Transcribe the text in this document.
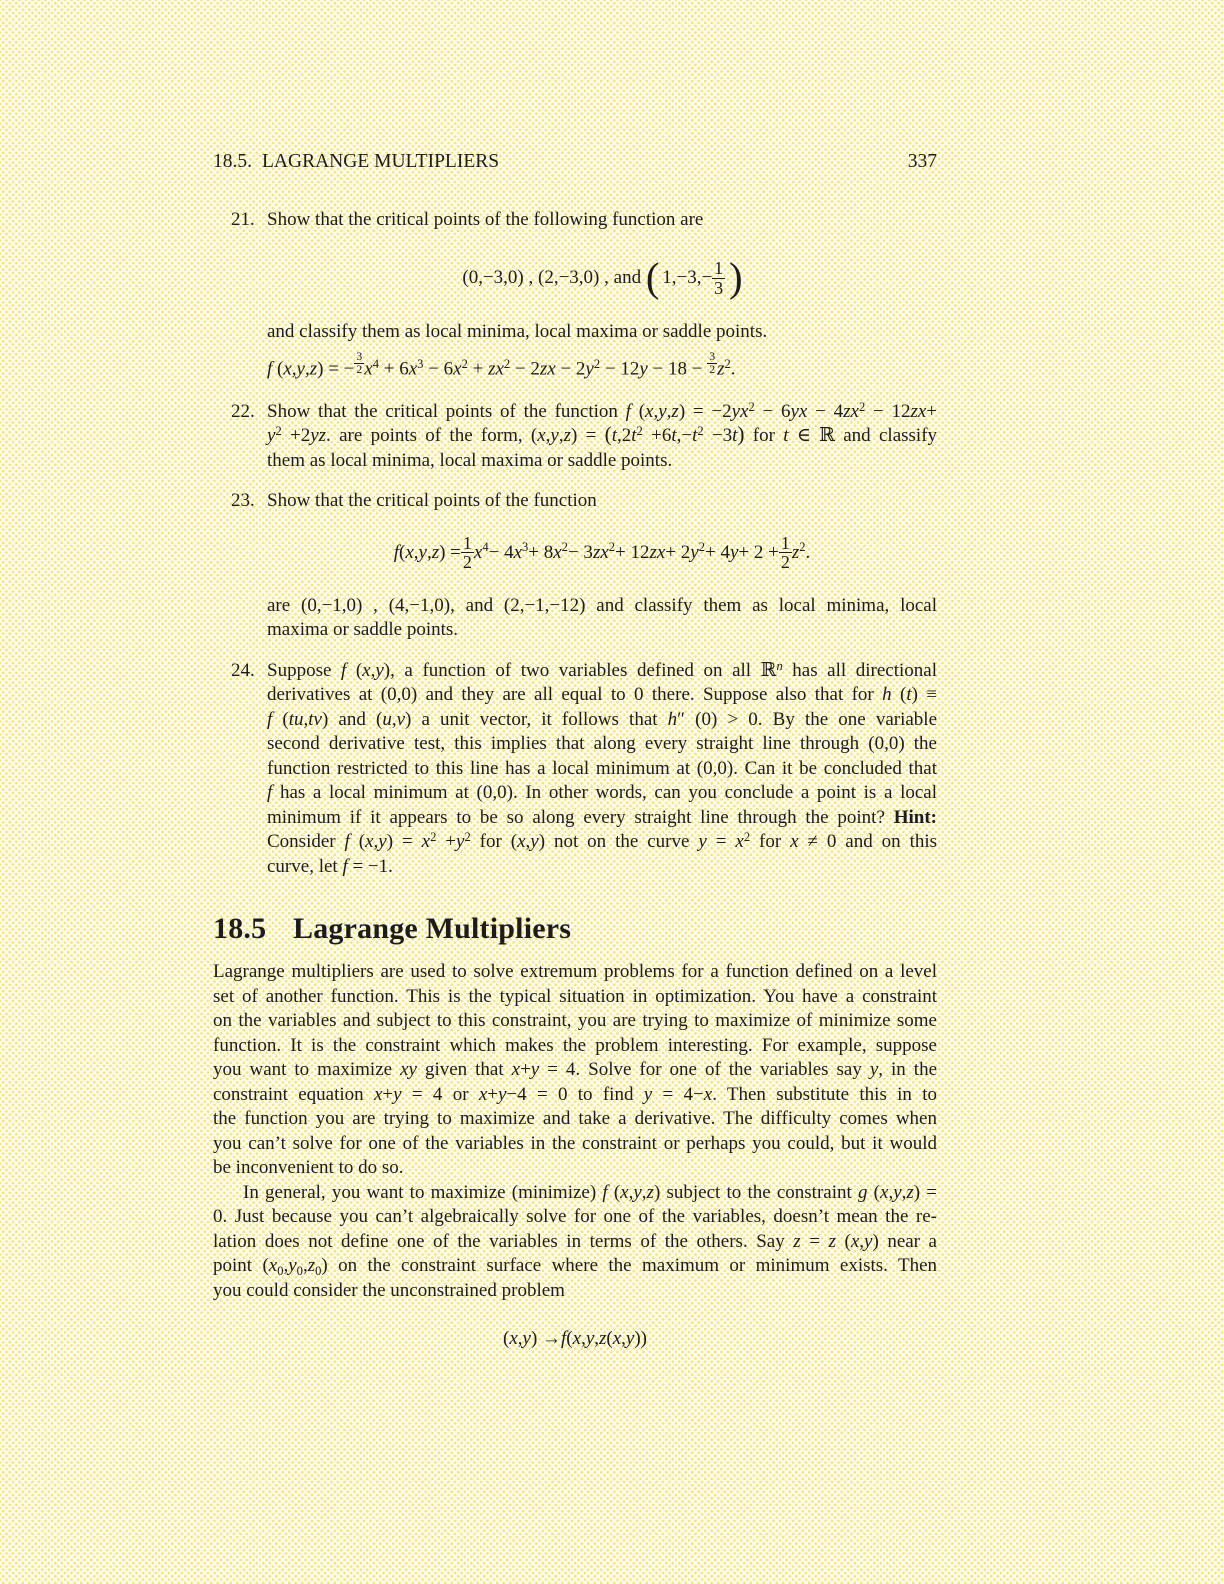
18.5. LAGRANGE MULTIPLIERS	337
21. Show that the critical points of the following function are
(0,−3,0) , (2,−3,0) , and (  1,−3,− 1
3
  )
and classify them as local minima, local maxima or saddle points.
f (x,y,z) = − $\frac{3}{2} x^4 + 6x^3 - 6x^2 + zx^2 - 2zx - 2y^2 - 12y - 18 - \frac{3}{2} z^2$.
22. Show that the critical points of the function f $(x,y,z) = -2yx^2 - 6yx - 4zx^2 - 12zx+$
$y^2 +2yz$. are points of the form, $(x,y,z) = (t,2t^2 +6t,-t^2 -3t)$ for t ∈ ℝ and classify
them as local minima, local maxima or saddle points.
23. Show that the critical points of the function
f ( x , y , z ) = 1
2 $x^4 - 4$ $x^3 + 8$ $x^2 - 3$ $zx^2 + 12$ zx + 2 $y^2 + 4$ y + 2 + 1
2 $z^2$ .
are (0,−1,0) , (4,−1,0), and (2,−1,−12) and classify them as local minima, local
maxima or saddle points.
24. Suppose f (x,y), a function of two variables defined on all ℝ$^n$ has all directional
derivatives at (0,0) and they are all equal to 0 there. Suppose also that for h (t) ≡
f (tu,tv) and (u,v) a unit vector, it follows that h″ (0) > 0. By the one variable
second derivative test, this implies that along every straight line through (0,0) the
function restricted to this line has a local minimum at (0,0). Can it be concluded that
f has a local minimum at (0,0). In other words, can you conclude a point is a local
minimum if it appears to be so along every straight line through the point? Hint:
Consider f $(x,y) = x^2 +y^2$ for (x,y) not on the curve $y = x^2$ for x ≠ 0 and on this
curve, let f = −1.
18.5 Lagrange Multipliers
Lagrange multipliers are used to solve extremum problems for a function defined on a level
set of another function. This is the typical situation in optimization. You have a constraint
on the variables and subject to this constraint, you are trying to maximize of minimize some
function. It is the constraint which makes the problem interesting. For example, suppose
you want to maximize xy given that x+y = 4. Solve for one of the variables say y, in the
constraint equation x+y = 4 or x+y−4 = 0 to find y = 4−x. Then substitute this in to
the function you are trying to maximize and take a derivative. The difficulty comes when
you can’t solve for one of the variables in the constraint or perhaps you could, but it would
be inconvenient to do so.
In general, you want to maximize (minimize) f (x,y,z) subject to the constraint g (x,y,z) =
0. Just because you can’t algebraically solve for one of the variables, doesn’t mean the re-
lation does not define one of the variables in terms of the others. Say z = z (x,y) near a
point $(x_0,y_0,z_0)$ on the constraint surface where the maximum or minimum exists. Then
you could consider the unconstrained problem
( x , y ) → f ( x , y , z ( x , y ))
